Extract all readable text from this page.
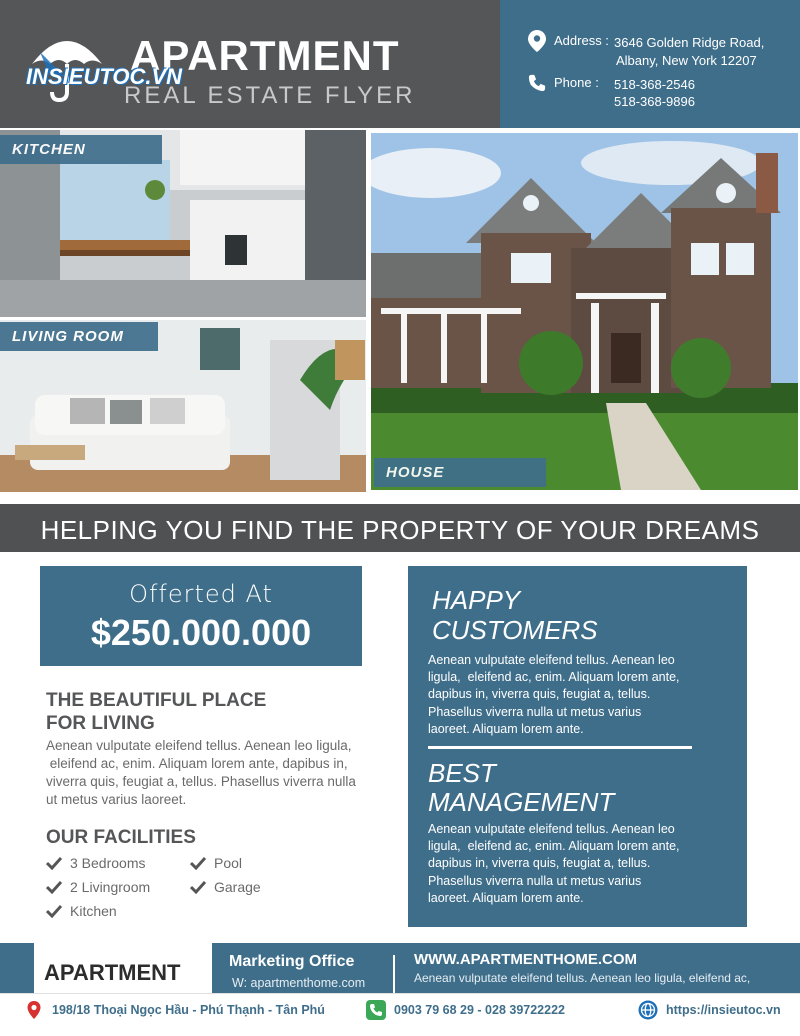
APARTMENT
REAL ESTATE FLYER
INSIEUTOC.VN
Address : 3646 Golden Ridge Road,
Albany, New York 12207
Phone : 518-368-2546
518-368-9896
KITCHEN
LIVING ROOM
HOUSE
HELPING YOU FIND THE PROPERTY OF YOUR DREAMS
Offerted At
$250.000.000
THE BEAUTIFUL PLACE
FOR LIVING
Aenean vulputate eleifend tellus. Aenean leo ligula,
eleifend ac, enim. Aliquam lorem ante, dapibus in,
viverra quis, feugiat a, tellus. Phasellus viverra nulla
ut metus varius laoreet.
OUR FACILITIES
3 Bedrooms	Pool
2 Livingroom	Garage
Kitchen
HAPPY
CUSTOMERS
Aenean vulputate eleifend tellus. Aenean leo
ligula,  eleifend ac, enim. Aliquam lorem ante,
dapibus in, viverra quis, feugiat a, tellus.
Phasellus viverra nulla ut metus varius
laoreet. Aliquam lorem ante.
BEST
MANAGEMENT
Aenean vulputate eleifend tellus. Aenean leo
ligula,  eleifend ac, enim. Aliquam lorem ante,
dapibus in, viverra quis, feugiat a, tellus.
Phasellus viverra nulla ut metus varius
laoreet. Aliquam lorem ante.
APARTMENT	Marketing Office
W: apartmenthome.com
WWW.APARTMENTHOME.COM
Aenean vulputate eleifend tellus. Aenean leo ligula, eleifend ac,
198/18 Thoại Ngọc Hầu - Phú Thạnh - Tân Phú	0903 79 68 29 - 028 39722222	https://insieutoc.vn
